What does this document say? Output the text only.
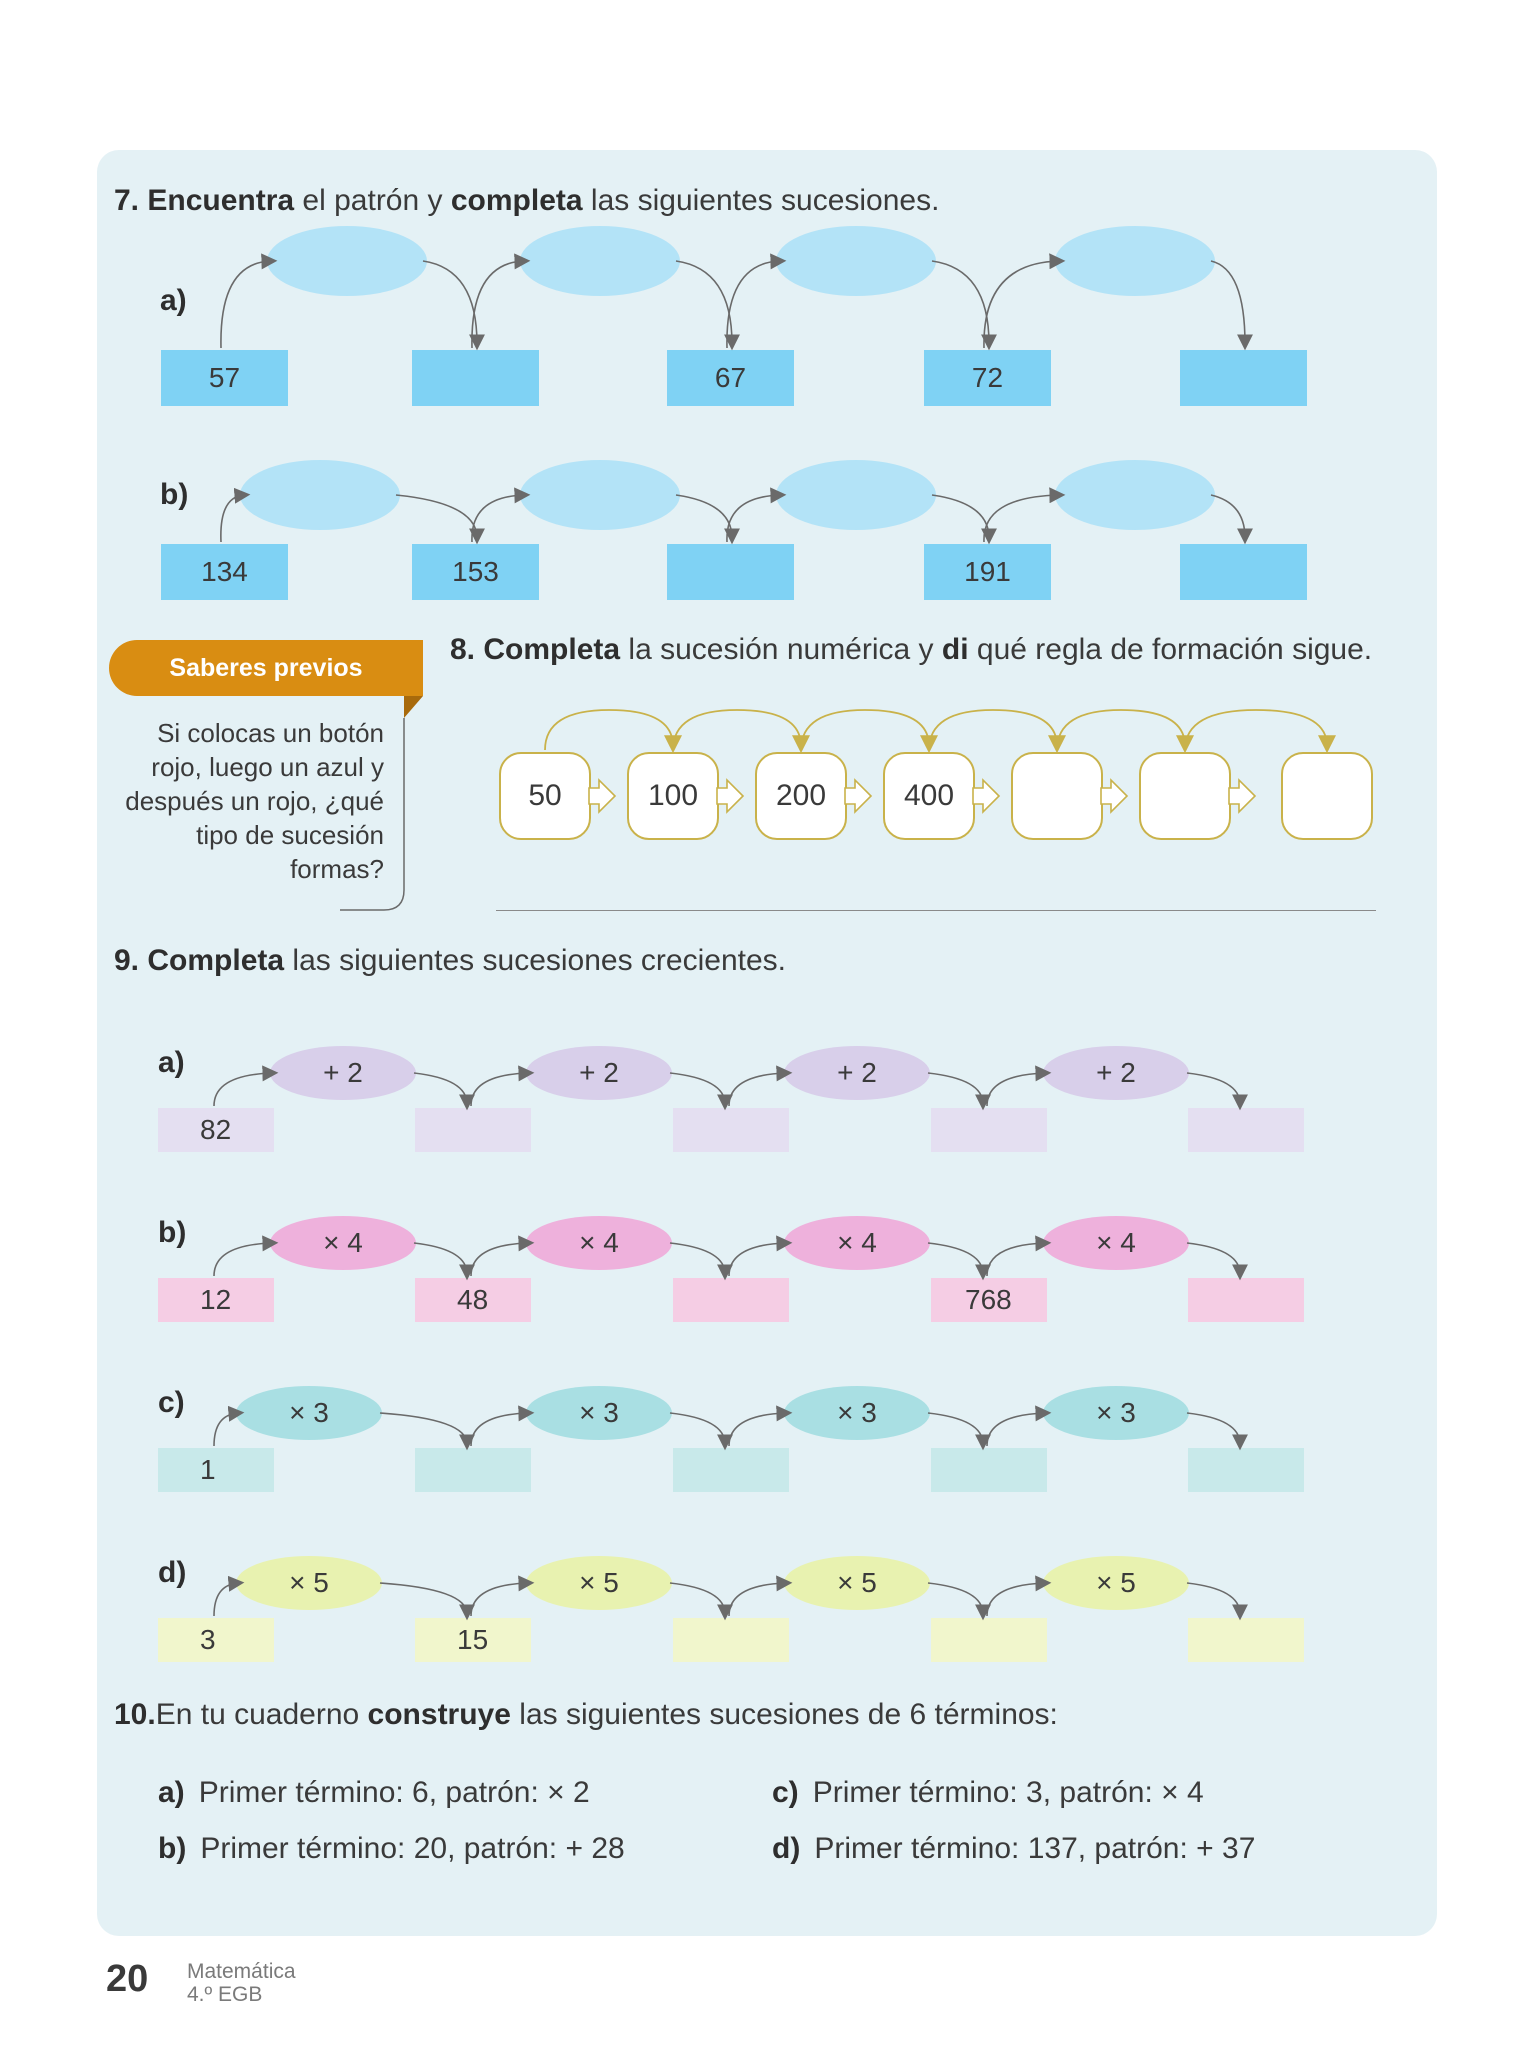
7. Encuentra el patrón y completa las siguientes sucesiones.
a)
57	67	72
b)
134	153	191
Saberes previos
Si colocas un botón
rojo, luego un azul y
después un rojo, ¿qué
tipo de sucesión
formas?
8. Completa la sucesión numérica y di qué regla de formación sigue.
50	100	200	400
9. Completa las siguientes sucesiones crecientes.
a)
82
+ 2	+ 2	+ 2	+ 2
b)
12	48	768
× 4	× 4	× 4	× 4
c)
1
× 3	× 3	× 3	× 3
d)
3	15
× 5	× 5	× 5	× 5
10.En tu cuaderno construye las siguientes sucesiones de 6 términos:
a) Primer término: 6, patrón: × 2
b) Primer término: 20, patrón: + 28
c) Primer término: 3, patrón: × 4
d) Primer término: 137, patrón: + 37
20 Matemática
4.º EGB
